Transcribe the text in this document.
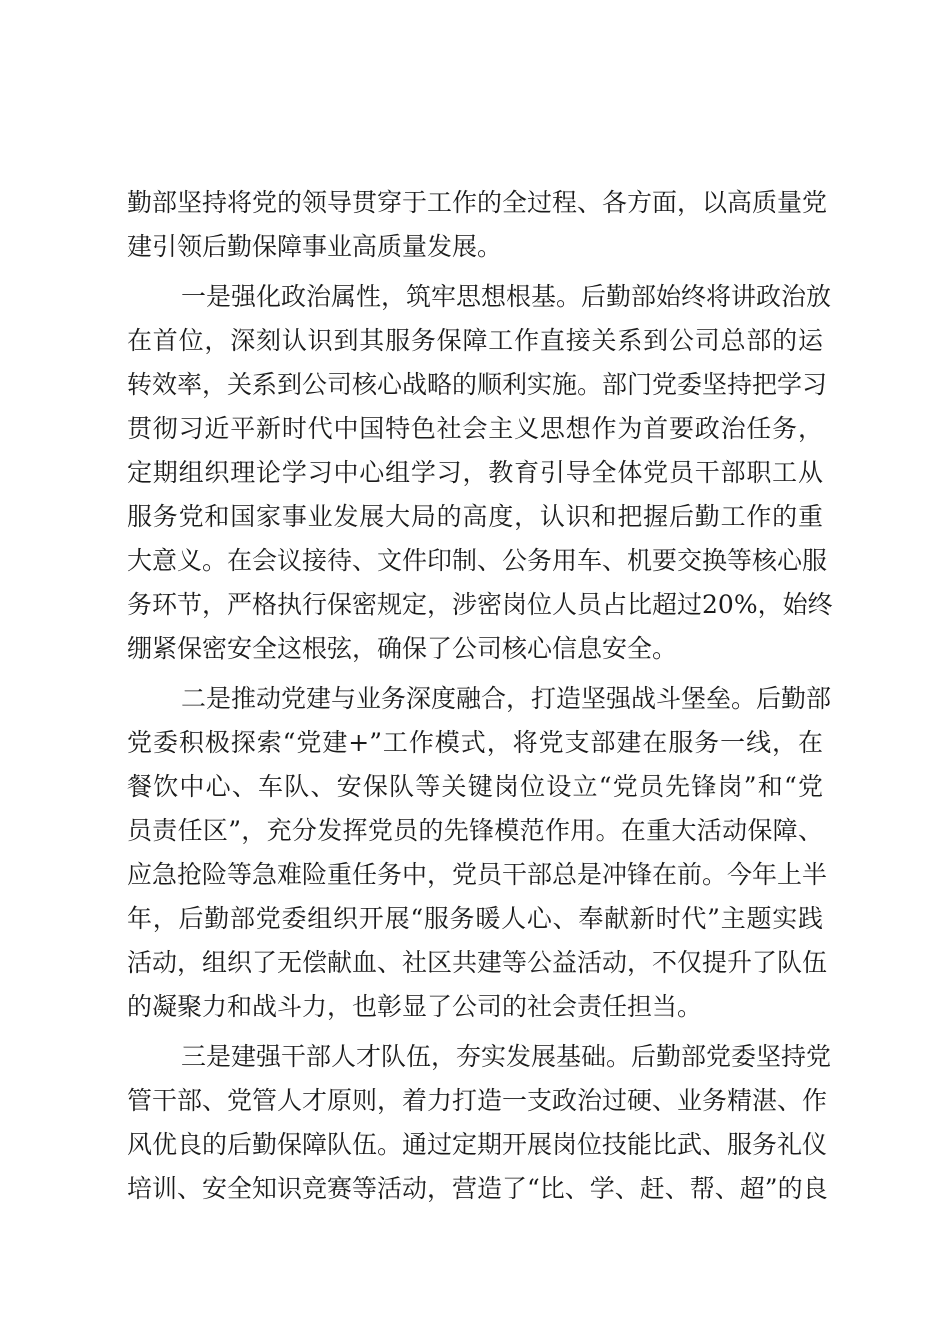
勤部坚持将党的领导贯穿于工作的全过程、各方面，以高质量党
建引领后勤保障事业高质量发展。
一是强化政治属性，筑牢思想根基。后勤部始终将讲政治放
在首位，深刻认识到其服务保障工作直接关系到公司总部的运
转效率，关系到公司核心战略的顺利实施。部门党委坚持把学习
贯彻习近平新时代中国特色社会主义思想作为首要政治任务，
定期组织理论学习中心组学习，教育引导全体党员干部职工从
服务党和国家事业发展大局的高度，认识和把握后勤工作的重
大意义。在会议接待、文件印制、公务用车、机要交换等核心服
务环节，严格执行保密规定，涉密岗位人员占比超过20%，始终
绷紧保密安全这根弦，确保了公司核心信息安全。
二是推动党建与业务深度融合，打造坚强战斗堡垒。后勤部
党委积极探索“党建+”工作模式，将党支部建在服务一线，在
餐饮中心、车队、安保队等关键岗位设立“党员先锋岗”和“党
员责任区”，充分发挥党员的先锋模范作用。在重大活动保障、
应急抢险等急难险重任务中，党员干部总是冲锋在前。今年上半
年，后勤部党委组织开展“服务暖人心、奉献新时代”主题实践
活动，组织了无偿献血、社区共建等公益活动，不仅提升了队伍
的凝聚力和战斗力，也彰显了公司的社会责任担当。
三是建强干部人才队伍，夯实发展基础。后勤部党委坚持党
管干部、党管人才原则，着力打造一支政治过硬、业务精湛、作
风优良的后勤保障队伍。通过定期开展岗位技能比武、服务礼仪
培训、安全知识竞赛等活动，营造了“比、学、赶、帮、超”的良
